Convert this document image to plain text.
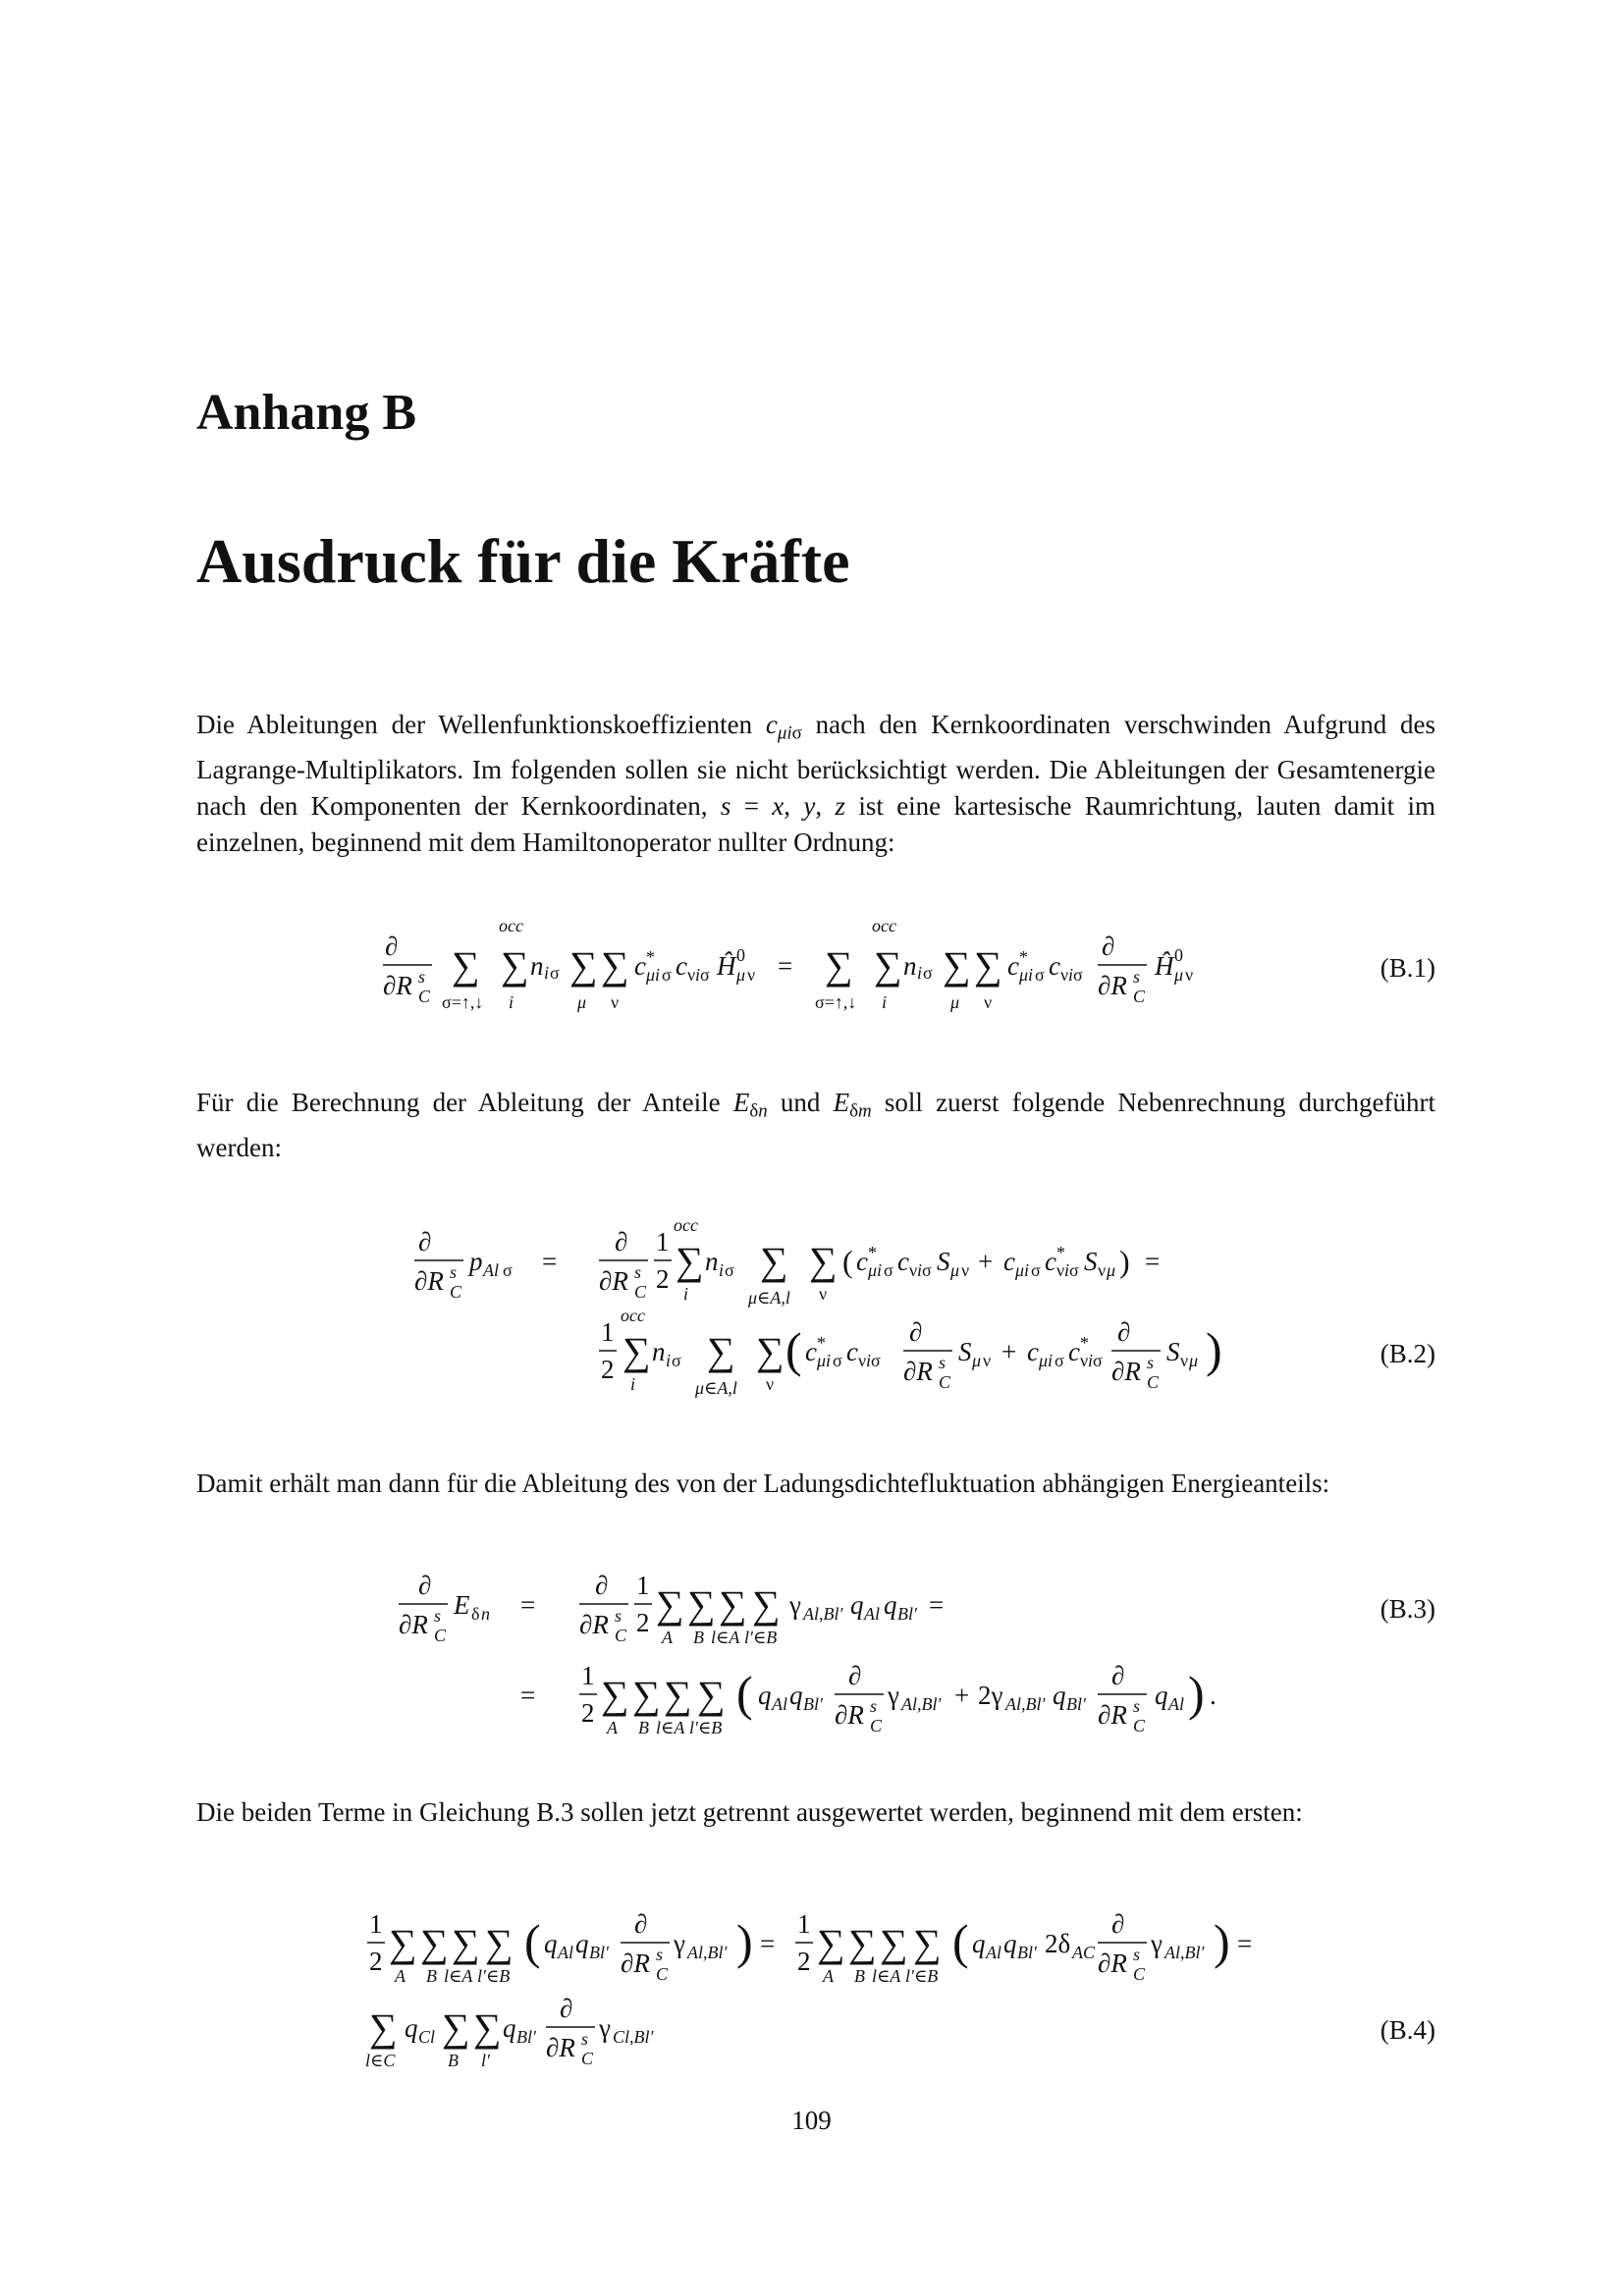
Anhang B
Ausdruck für die Kräfte

Die Ableitungen der Wellenfunktionskoeffizienten $c_{\mu i\sigma}$ nach den Kernkoordinaten verschwinden Aufgrund des Lagrange-Multiplikators. Im folgenden sollen sie nicht berücksichtigt werden. Die Ableitungen der Gesamtenergie nach den Komponenten der Kernkoordinaten, s = x, y, z ist eine kartesische Raumrichtung, lauten damit im einzelnen, beginnend mit dem Hamiltonoperator nullter Ordnung:

∂
∂R s
C
∑
σ=↑,↓
occ
∑
i
n i σ ∑
μ
∑
ν
c *
μi σ c ν i σ Ĥ 0
μ ν = ∑
σ=↑,↓
occ
∑
i
n i σ ∑
μ
∑
ν
c *
μi σ c ν i σ
∂
∂R s
C
Ĥ 0
μ ν	(B.1)

Für die Berechnung der Ableitung der Anteile $E_{\delta n}$ und $E_{\delta m}$ soll zuerst folgende Nebenrechnung durchgeführt werden:

∂
∂R s
C
p Al σ =
∂
∂R s
C
1
2
occ
∑
i
n i σ ∑
μ∈A,l
∑
ν
( c *
μi σ c ν i σ S μ ν + c μi σ c *
ν i σ S ν μ ) =
1
2
occ
∑
i
n i σ ∑
μ∈A,l
∑
ν
( c *
μi σ c ν i σ
∂
∂R s
C
S μ ν + c μi σ c *
ν i σ
∂
∂R s
C
S ν μ )	(B.2)

Damit erhält man dann für die Ableitung des von der Ladungsdichtefluktuation abhängigen Energieanteils:

∂
∂R s
C
E δ n =
∂
∂R s
C
1
2 ∑
A
∑
B
∑
l∈A
∑
l′∈B
γ Al,Bl′ q Al q Bl′ =
=
1
2 ∑
A
∑
B
∑
l∈A
∑
l′∈B
( q Al q Bl′
∂
∂R s
C
γ Al,Bl′ + 2γ Al,Bl′ q Bl′
∂
∂R s
C
q Al ) .
(B.3)

Die beiden Terme in Gleichung B.3 sollen jetzt getrennt ausgewertet werden, beginnend mit dem ersten:

1
2 ∑
A
∑
B
∑
l∈A
∑
l′∈B
( q Al q Bl′
∂
∂R s
C
γ Al,Bl′ ) =
1
2 ∑
A
∑
B
∑
l∈A
∑
l′∈B
( q Al q Bl′ 2δ AC
∂
∂R s
C
γ Al,Bl′ ) =
∑
l∈C
q Cl ∑
B
∑
l′
q Bl′
∂
∂R s
C
γ Cl,Bl′	(B.4)
109
